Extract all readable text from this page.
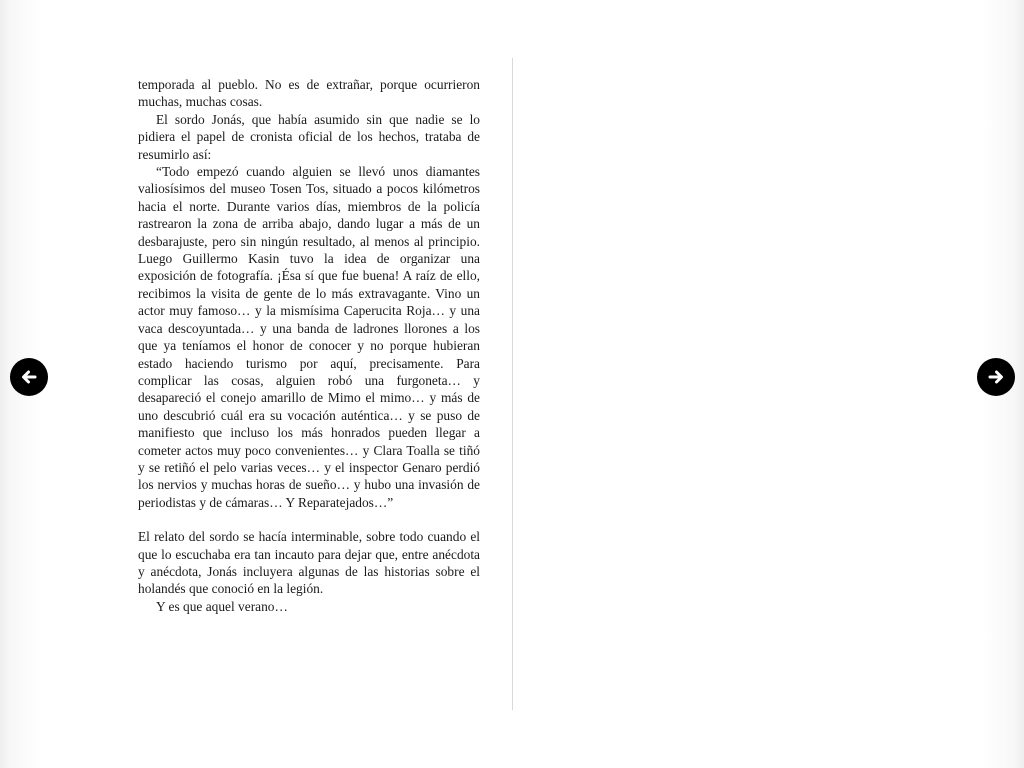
temporada al pueblo. No es de extrañar, porque ocurrieron muchas, muchas cosas.

El sordo Jonás, que había asumido sin que nadie se lo pidiera el papel de cronista oficial de los hechos, trataba de resumirlo así:

“Todo empezó cuando alguien se llevó unos diamantes valiosísimos del museo Tosen Tos, situado a pocos kilómetros hacia el norte. Durante varios días, miembros de la policía rastrearon la zona de arriba abajo, dando lugar a más de un desbarajuste, pero sin ningún resultado, al menos al principio. Luego Guillermo Kasin tuvo la idea de organizar una exposición de fotografía. ¡Ésa sí que fue buena! A raíz de ello, recibimos la visita de gente de lo más extravagante. Vino un actor muy famoso… y la mismísima Caperucita Roja… y una vaca descoyuntada… y una banda de ladrones llorones a los que ya teníamos el honor de conocer y no porque hubieran estado haciendo turismo por aquí, precisamente. Para complicar las cosas, alguien robó una furgoneta… y desapareció el conejo amarillo de Mimo el mimo… y más de uno descubrió cuál era su vocación auténtica… y se puso de manifiesto que incluso los más honrados pueden llegar a cometer actos muy poco convenientes… y Clara Toalla se tiñó y se retiñó el pelo varias veces… y el inspector Genaro perdió los nervios y muchas horas de sueño… y hubo una invasión de periodistas y de cámaras… Y Reparatejados…”

El relato del sordo se hacía interminable, sobre todo cuando el que lo escuchaba era tan incauto para dejar que, entre anécdota y anécdota, Jonás incluyera algunas de las historias sobre el holandés que conoció en la legión.

Y es que aquel verano…
